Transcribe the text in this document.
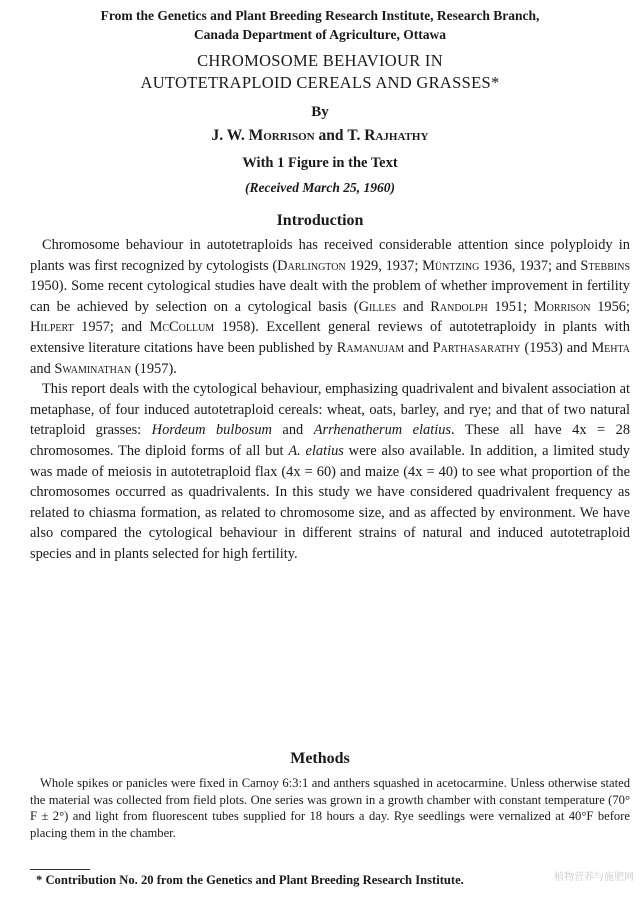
From the Genetics and Plant Breeding Research Institute, Research Branch,
Canada Department of Agriculture, Ottawa
CHROMOSOME BEHAVIOUR IN
AUTOTETRAPLOID CEREALS AND GRASSES*
By
J. W. Morrison and T. Rajhathy
With 1 Figure in the Text
(Received March 25, 1960)
Introduction

Chromosome behaviour in autotetraploids has received considerable attention since polyploidy in plants was first recognized by cytologists (Darlington 1929, 1937; Müntzing 1936, 1937; and Stebbins 1950). Some recent cytological studies have dealt with the problem of whether improvement in fertility can be achieved by selection on a cytological basis (Gilles and Randolph 1951; Morrison 1956; Hilpert 1957; and McCollum 1958). Excellent general reviews of autotetraploidy in plants with extensive literature citations have been published by Ramanujam and Parthasarathy (1953) and Mehta and Swaminathan (1957).

This report deals with the cytological behaviour, emphasizing quadrivalent and bivalent association at metaphase, of four induced autotetraploid cereals: wheat, oats, barley, and rye; and that of two natural tetraploid grasses: Hordeum bulbosum and Arrhenatherum elatius. These all have 4x = 28 chromosomes. The diploid forms of all but A. elatius were also available. In addition, a limited study was made of meiosis in autotetraploid flax (4x = 60) and maize (4x = 40) to see what proportion of the chromosomes occurred as quadrivalents. In this study we have considered quadrivalent frequency as related to chiasma formation, as related to chromosome size, and as affected by environment. We have also compared the cytological behaviour in different strains of natural and induced autotetraploid species and in plants selected for high fertility.

Methods

Whole spikes or panicles were fixed in Carnoy 6:3:1 and anthers squashed in acetocarmine. Unless otherwise stated the material was collected from field plots. One series was grown in a growth chamber with constant temperature (70° F ± 2°) and light from fluorescent tubes supplied for 18 hours a day. Rye seedlings were vernalized at 40°F before placing them in the chamber.

* Contribution No. 20 from the Genetics and Plant Breeding Research Institute.	植物营养与施肥网
